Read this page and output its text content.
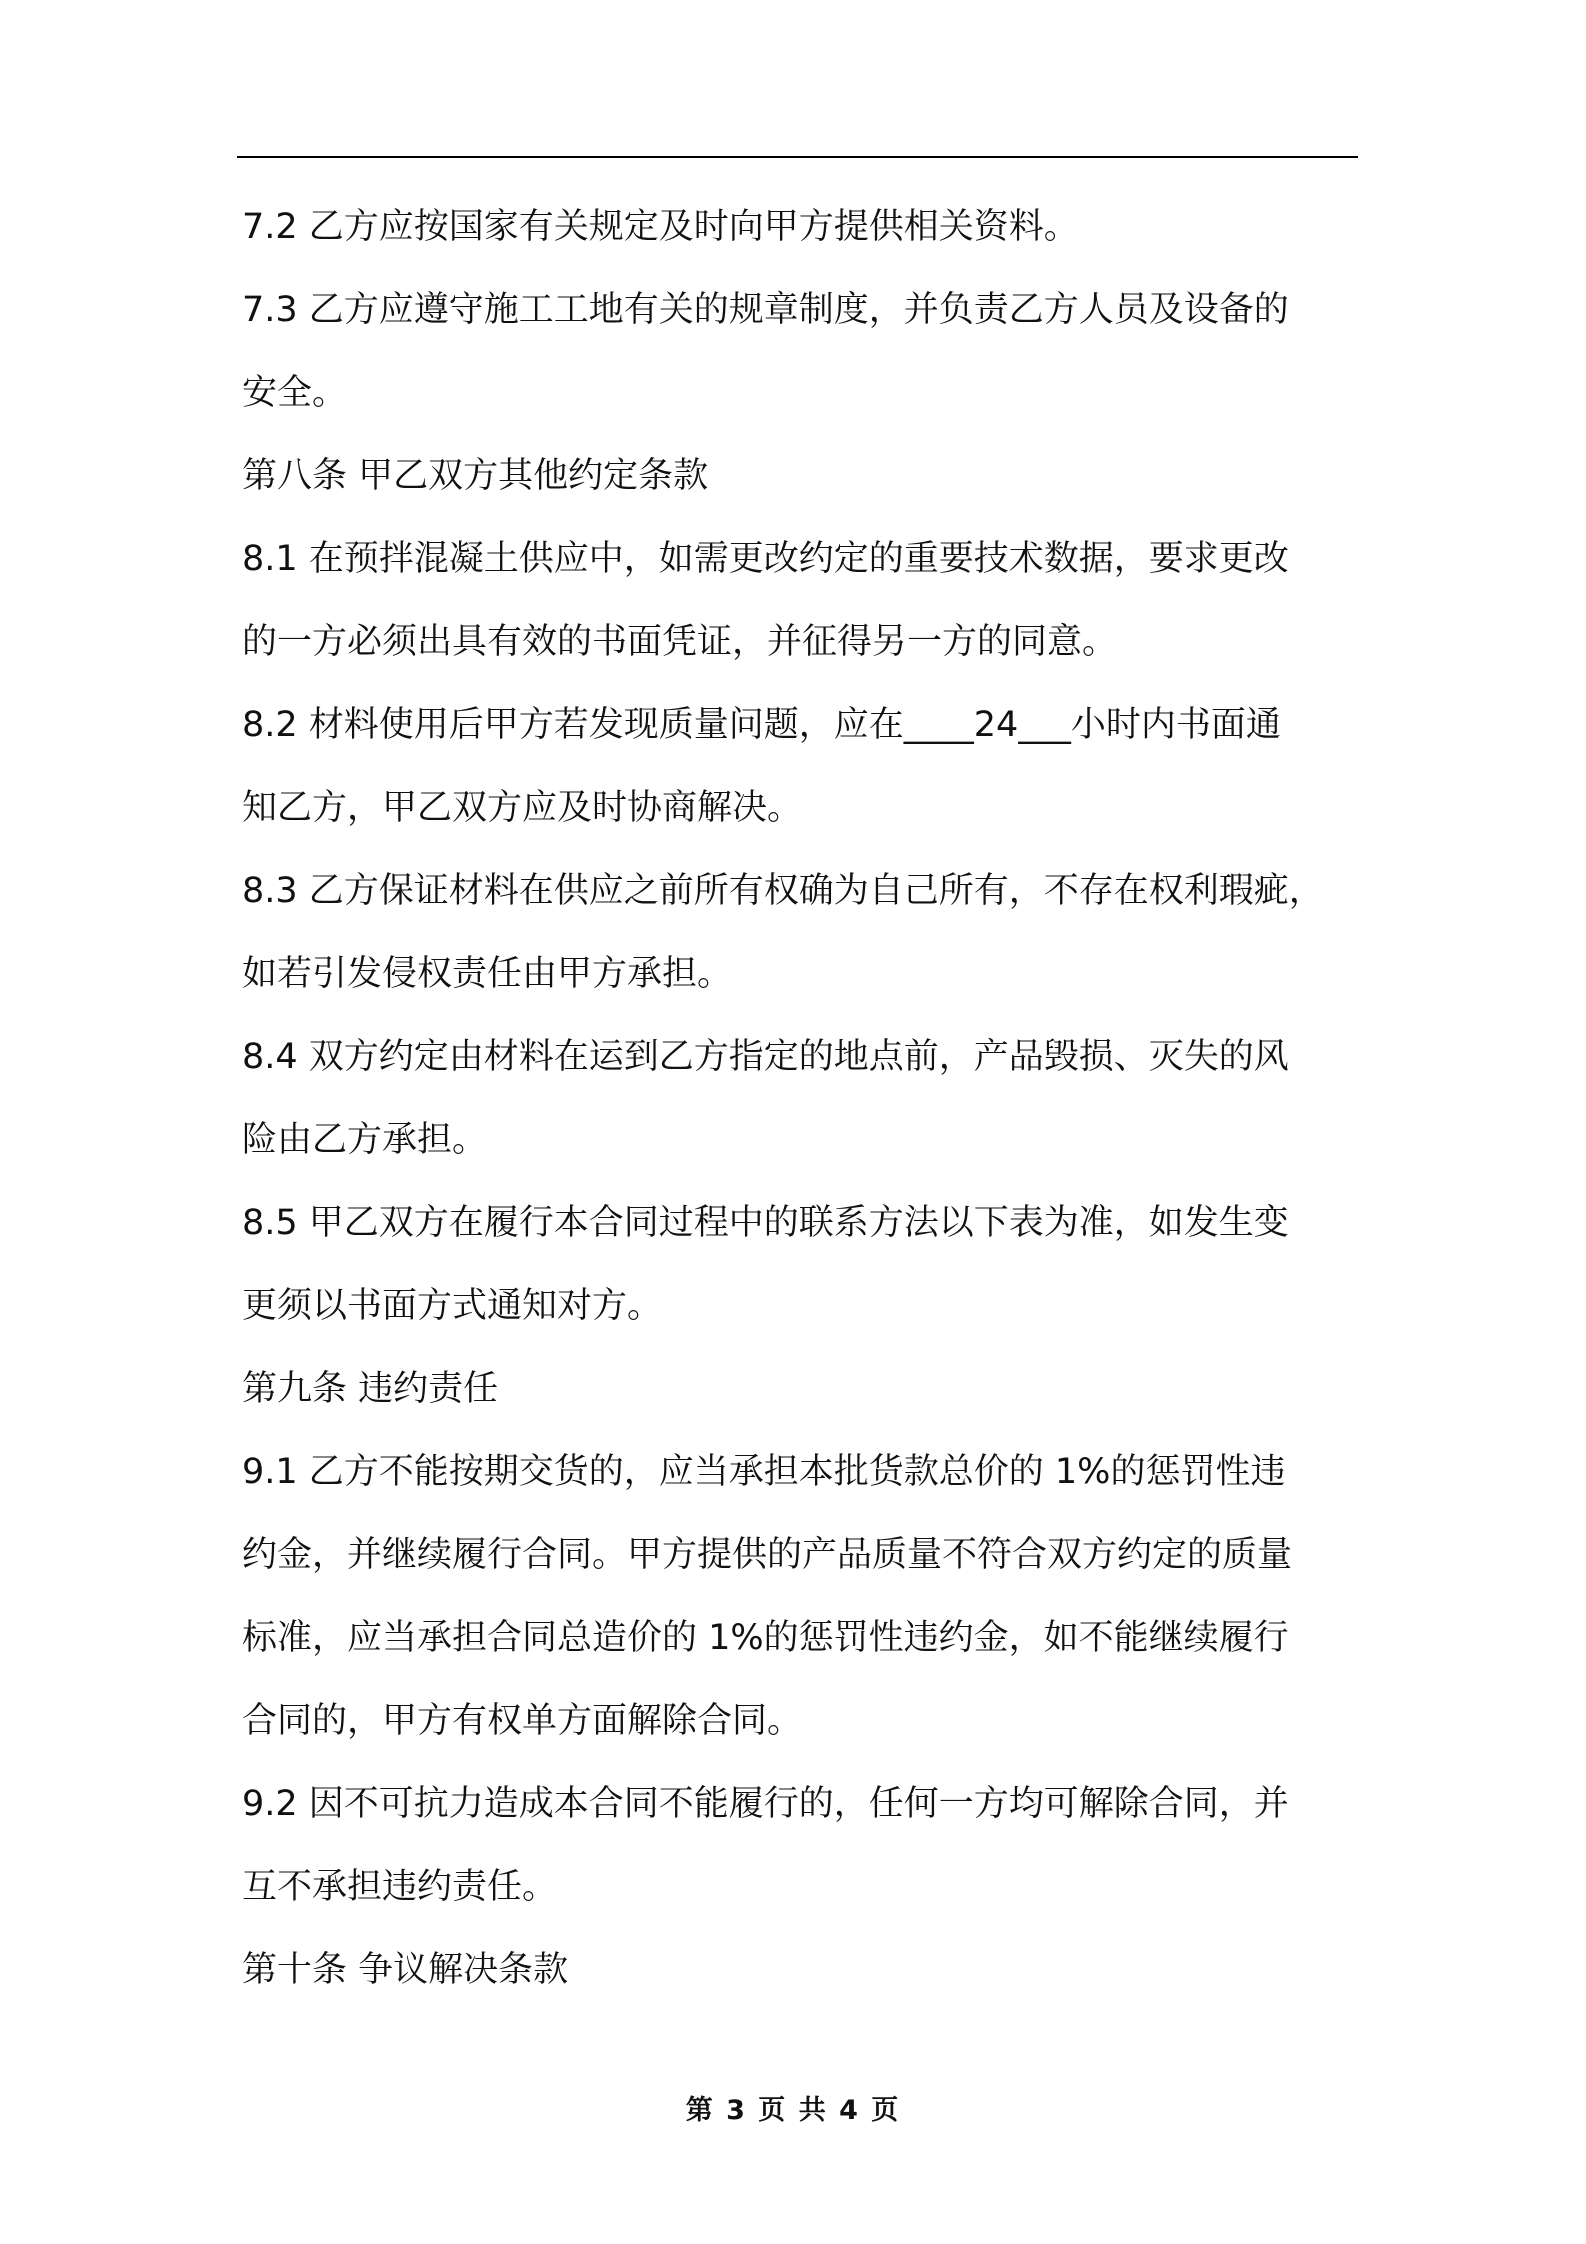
7.2 乙方应按国家有关规定及时向甲方提供相关资料。
7.3 乙方应遵守施工工地有关的规章制度，并负责乙方人员及设备的
安全。
第八条 甲乙双方其他约定条款
8.1 在预拌混凝土供应中，如需更改约定的重要技术数据，要求更改
的一方必须出具有效的书面凭证，并征得另一方的同意。
8.2 材料使用后甲方若发现质量问题，应在____24___小时内书面通
知乙方，甲乙双方应及时协商解决。
8.3 乙方保证材料在供应之前所有权确为自己所有，不存在权利瑕疵，
如若引发侵权责任由甲方承担。
8.4 双方约定由材料在运到乙方指定的地点前，产品毁损、灭失的风
险由乙方承担。
8.5 甲乙双方在履行本合同过程中的联系方法以下表为准，如发生变
更须以书面方式通知对方。
第九条 违约责任
9.1 乙方不能按期交货的，应当承担本批货款总价的 1%的惩罚性违
约金，并继续履行合同。甲方提供的产品质量不符合双方约定的质量
标准，应当承担合同总造价的 1%的惩罚性违约金，如不能继续履行
合同的，甲方有权单方面解除合同。
9.2 因不可抗力造成本合同不能履行的，任何一方均可解除合同，并
互不承担违约责任。
第十条 争议解决条款
第 3 页 共 4 页
